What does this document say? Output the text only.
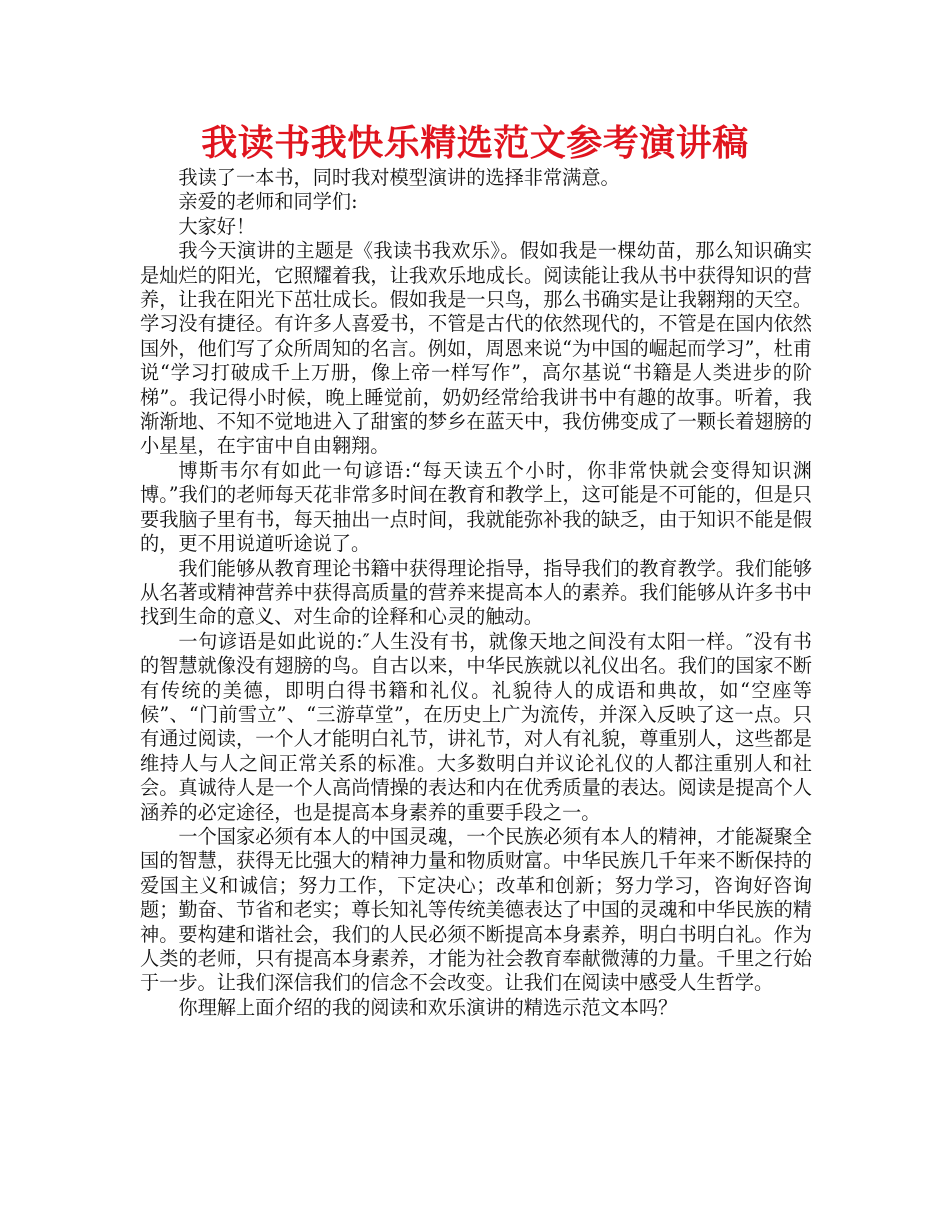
我读书我快乐精选范文参考演讲稿

我读了一本书，同时我对模型演讲的选择非常满意。

亲爱的老师和同学们:

大家好！

我今天演讲的主题是《我读书我欢乐》。假如我是一棵幼苗，那么知识确实是灿烂的阳光，它照耀着我，让我欢乐地成长。阅读能让我从书中获得知识的营养，让我在阳光下茁壮成长。假如我是一只鸟，那么书确实是让我翱翔的天空。学习没有捷径。有许多人喜爱书，不管是古代的依然现代的，不管是在国内依然国外，他们写了众所周知的名言。例如，周恩来说“为中国的崛起而学习”，杜甫说“学习打破成千上万册，像上帝一样写作”，高尔基说“书籍是人类进步的阶梯”。我记得小时候，晚上睡觉前，奶奶经常给我讲书中有趣的故事。听着，我渐渐地、不知不觉地进入了甜蜜的梦乡在蓝天中，我仿佛变成了一颗长着翅膀的小星星，在宇宙中自由翱翔。

博斯韦尔有如此一句谚语:“每天读五个小时，你非常快就会变得知识渊博。”我们的老师每天花非常多时间在教育和教学上，这可能是不可能的，但是只要我脑子里有书，每天抽出一点时间，我就能弥补我的缺乏，由于知识不能是假的，更不用说道听途说了。

我们能够从教育理论书籍中获得理论指导，指导我们的教育教学。我们能够从名著或精神营养中获得高质量的营养来提高本人的素养。我们能够从许多书中找到生命的意义、对生命的诠释和心灵的触动。

一句谚语是如此说的:″人生没有书，就像天地之间没有太阳一样。″没有书的智慧就像没有翅膀的鸟。自古以来，中华民族就以礼仪出名。我们的国家不断有传统的美德，即明白得书籍和礼仪。礼貌待人的成语和典故，如“空座等候”、“门前雪立”、“三游草堂”，在历史上广为流传，并深入反映了这一点。只有通过阅读，一个人才能明白礼节，讲礼节，对人有礼貌，尊重别人，这些都是维持人与人之间正常关系的标准。大多数明白并议论礼仪的人都注重别人和社会。真诚待人是一个人高尚情操的表达和内在优秀质量的表达。阅读是提高个人涵养的必定途径，也是提高本身素养的重要手段之一。

一个国家必须有本人的中国灵魂，一个民族必须有本人的精神，才能凝聚全国的智慧，获得无比强大的精神力量和物质财富。中华民族几千年来不断保持的爱国主义和诚信；努力工作，下定决心；改革和创新；努力学习，咨询好咨询题；勤奋、节省和老实；尊长知礼等传统美德表达了中国的灵魂和中华民族的精神。要构建和谐社会，我们的人民必须不断提高本身素养，明白书明白礼。作为人类的老师，只有提高本身素养，才能为社会教育奉献微薄的力量。千里之行始于一步。让我们深信我们的信念不会改变。让我们在阅读中感受人生哲学。

你理解上面介绍的我的阅读和欢乐演讲的精选示范文本吗？
